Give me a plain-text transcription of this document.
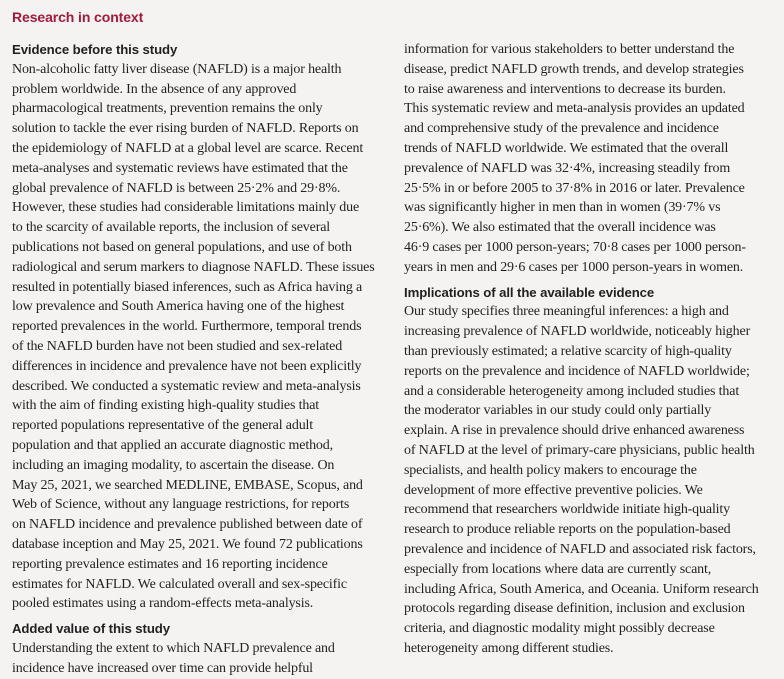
Research in context
Evidence before this study
Non-alcoholic fatty liver disease (NAFLD) is a major health
problem worldwide. In the absence of any approved
pharmacological treatments, prevention remains the only
solution to tackle the ever rising burden of NAFLD. Reports on
the epidemiology of NAFLD at a global level are scarce. Recent
meta-analyses and systematic reviews have estimated that the
global prevalence of NAFLD is between 25·2% and 29·8%.
However, these studies had considerable limitations mainly due
to the scarcity of available reports, the inclusion of several
publications not based on general populations, and use of both
radiological and serum markers to diagnose NAFLD. These issues
resulted in potentially biased inferences, such as Africa having a
low prevalence and South America having one of the highest
reported prevalences in the world. Furthermore, temporal trends
of the NAFLD burden have not been studied and sex-related
differences in incidence and prevalence have not been explicitly
described. We conducted a systematic review and meta-analysis
with the aim of finding existing high-quality studies that
reported populations representative of the general adult
population and that applied an accurate diagnostic method,
including an imaging modality, to ascertain the disease. On
May 25, 2021, we searched MEDLINE, EMBASE, Scopus, and
Web of Science, without any language restrictions, for reports
on NAFLD incidence and prevalence published between date of
database inception and May 25, 2021. We found 72 publications
reporting prevalence estimates and 16 reporting incidence
estimates for NAFLD. We calculated overall and sex-specific
pooled estimates using a random-effects meta-analysis.
Added value of this study
Understanding the extent to which NAFLD prevalence and
incidence have increased over time can provide helpful
information for various stakeholders to better understand the
disease, predict NAFLD growth trends, and develop strategies
to raise awareness and interventions to decrease its burden.
This systematic review and meta-analysis provides an updated
and comprehensive study of the prevalence and incidence
trends of NAFLD worldwide. We estimated that the overall
prevalence of NAFLD was 32·4%, increasing steadily from
25·5% in or before 2005 to 37·8% in 2016 or later. Prevalence
was significantly higher in men than in women (39·7% vs
25·6%). We also estimated that the overall incidence was
46·9 cases per 1000 person-years; 70·8 cases per 1000 person-
years in men and 29·6 cases per 1000 person-years in women.
Implications of all the available evidence
Our study specifies three meaningful inferences: a high and
increasing prevalence of NAFLD worldwide, noticeably higher
than previously estimated; a relative scarcity of high-quality
reports on the prevalence and incidence of NAFLD worldwide;
and a considerable heterogeneity among included studies that
the moderator variables in our study could only partially
explain. A rise in prevalence should drive enhanced awareness
of NAFLD at the level of primary-care physicians, public health
specialists, and health policy makers to encourage the
development of more effective preventive policies. We
recommend that researchers worldwide initiate high-quality
research to produce reliable reports on the population-based
prevalence and incidence of NAFLD and associated risk factors,
especially from locations where data are currently scant,
including Africa, South America, and Oceania. Uniform research
protocols regarding disease definition, inclusion and exclusion
criteria, and diagnostic modality might possibly decrease
heterogeneity among different studies.
